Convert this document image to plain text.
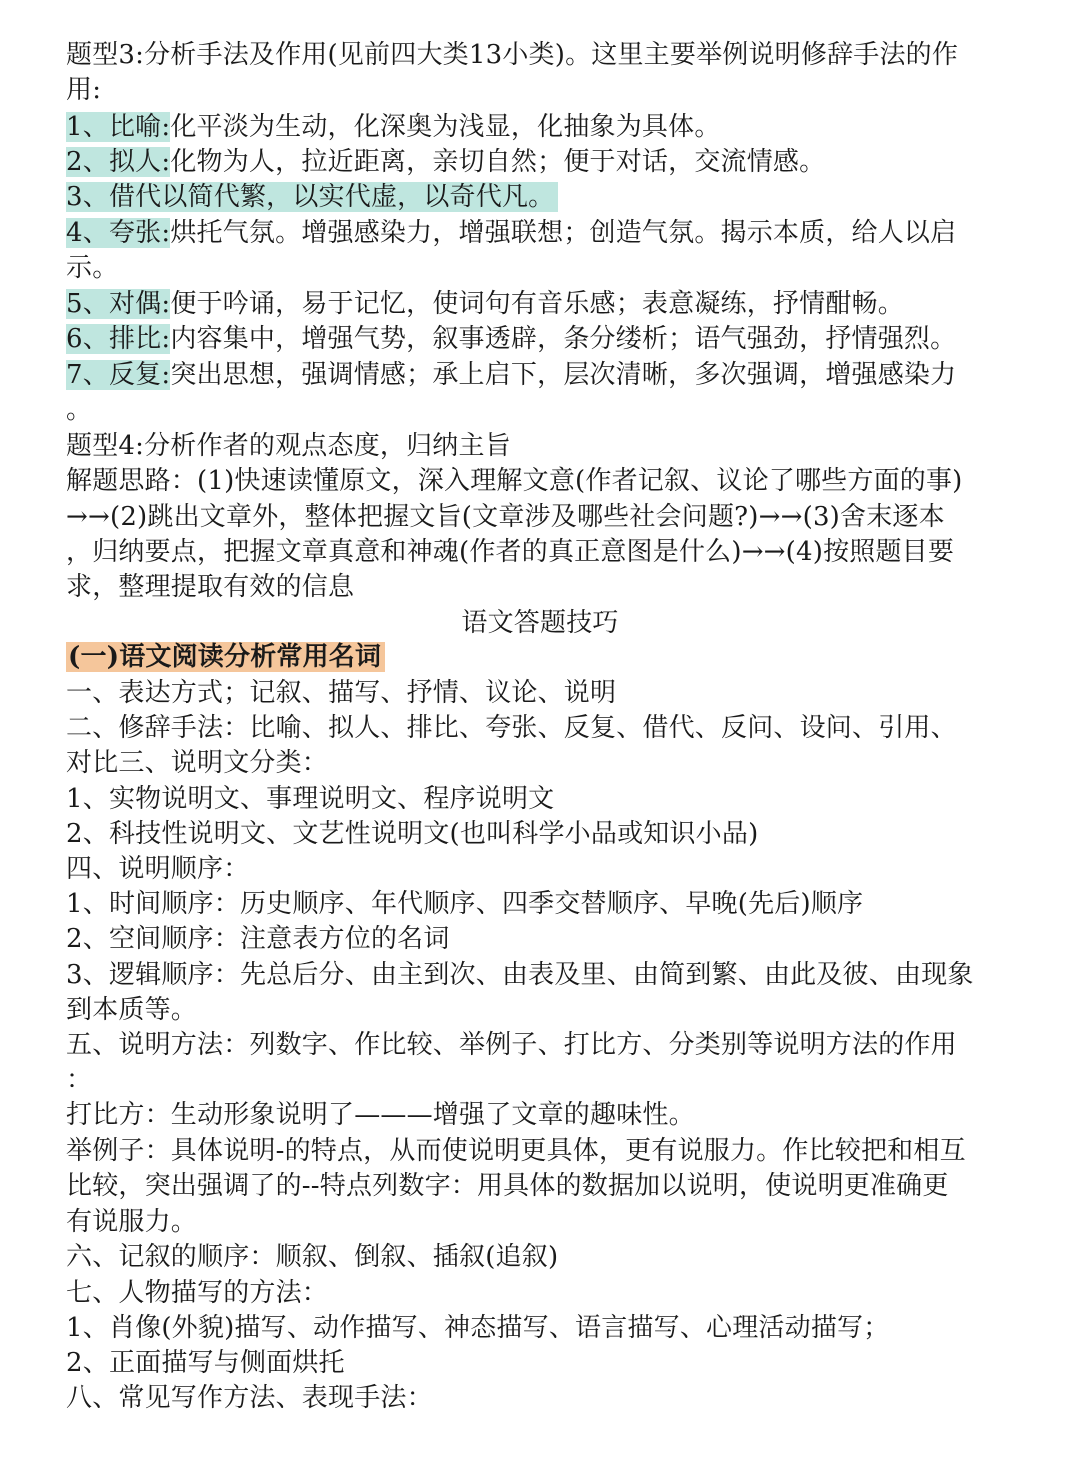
题型3:分析手法及作用(见前四大类13小类)。这里主要举例说明修辞手法的作
用:
1、比喻:化平淡为生动，化深奥为浅显，化抽象为具体。
2、拟人:化物为人，拉近距离，亲切自然；便于对话，交流情感。
3、借代以简代繁，以实代虚，以奇代凡。
4、夸张:烘托气氛。增强感染力，增强联想；创造气氛。揭示本质，给人以启
示。
5、对偶:便于吟诵，易于记忆，使词句有音乐感；表意凝练，抒情酣畅。
6、排比:内容集中，增强气势，叙事透辟，条分缕析；语气强劲，抒情强烈。
7、反复:突出思想，强调情感；承上启下，层次清晰，多次强调，增强感染力
。
题型4:分析作者的观点态度，归纳主旨
解题思路：(1)快速读懂原文，深入理解文意(作者记叙、议论了哪些方面的事)
→→(2)跳出文章外，整体把握文旨(文章涉及哪些社会问题?)→→(3)舍末逐本
，归纳要点，把握文章真意和神魂(作者的真正意图是什么)→→(4)按照题目要
求，整理提取有效的信息
语文答题技巧
(一)语文阅读分析常用名词
一、表达方式；记叙、描写、抒情、议论、说明
二、修辞手法：比喻、拟人、排比、夸张、反复、借代、反问、设问、引用、
对比三、说明文分类：
1、实物说明文、事理说明文、程序说明文
2、科技性说明文、文艺性说明文(也叫科学小品或知识小品)
四、说明顺序：
1、时间顺序：历史顺序、年代顺序、四季交替顺序、早晚(先后)顺序
2、空间顺序：注意表方位的名词
3、逻辑顺序：先总后分、由主到次、由表及里、由简到繁、由此及彼、由现象
到本质等。
五、说明方法：列数字、作比较、举例子、打比方、分类别等说明方法的作用
：
打比方：生动形象说明了———增强了文章的趣味性。
举例子：具体说明-的特点，从而使说明更具体，更有说服力。作比较把和相互
比较，突出强调了的--特点列数字：用具体的数据加以说明，使说明更准确更
有说服力。
六、记叙的顺序：顺叙、倒叙、插叙(追叙)
七、人物描写的方法：
1、肖像(外貌)描写、动作描写、神态描写、语言描写、心理活动描写；
2、正面描写与侧面烘托
八、常见写作方法、表现手法：
